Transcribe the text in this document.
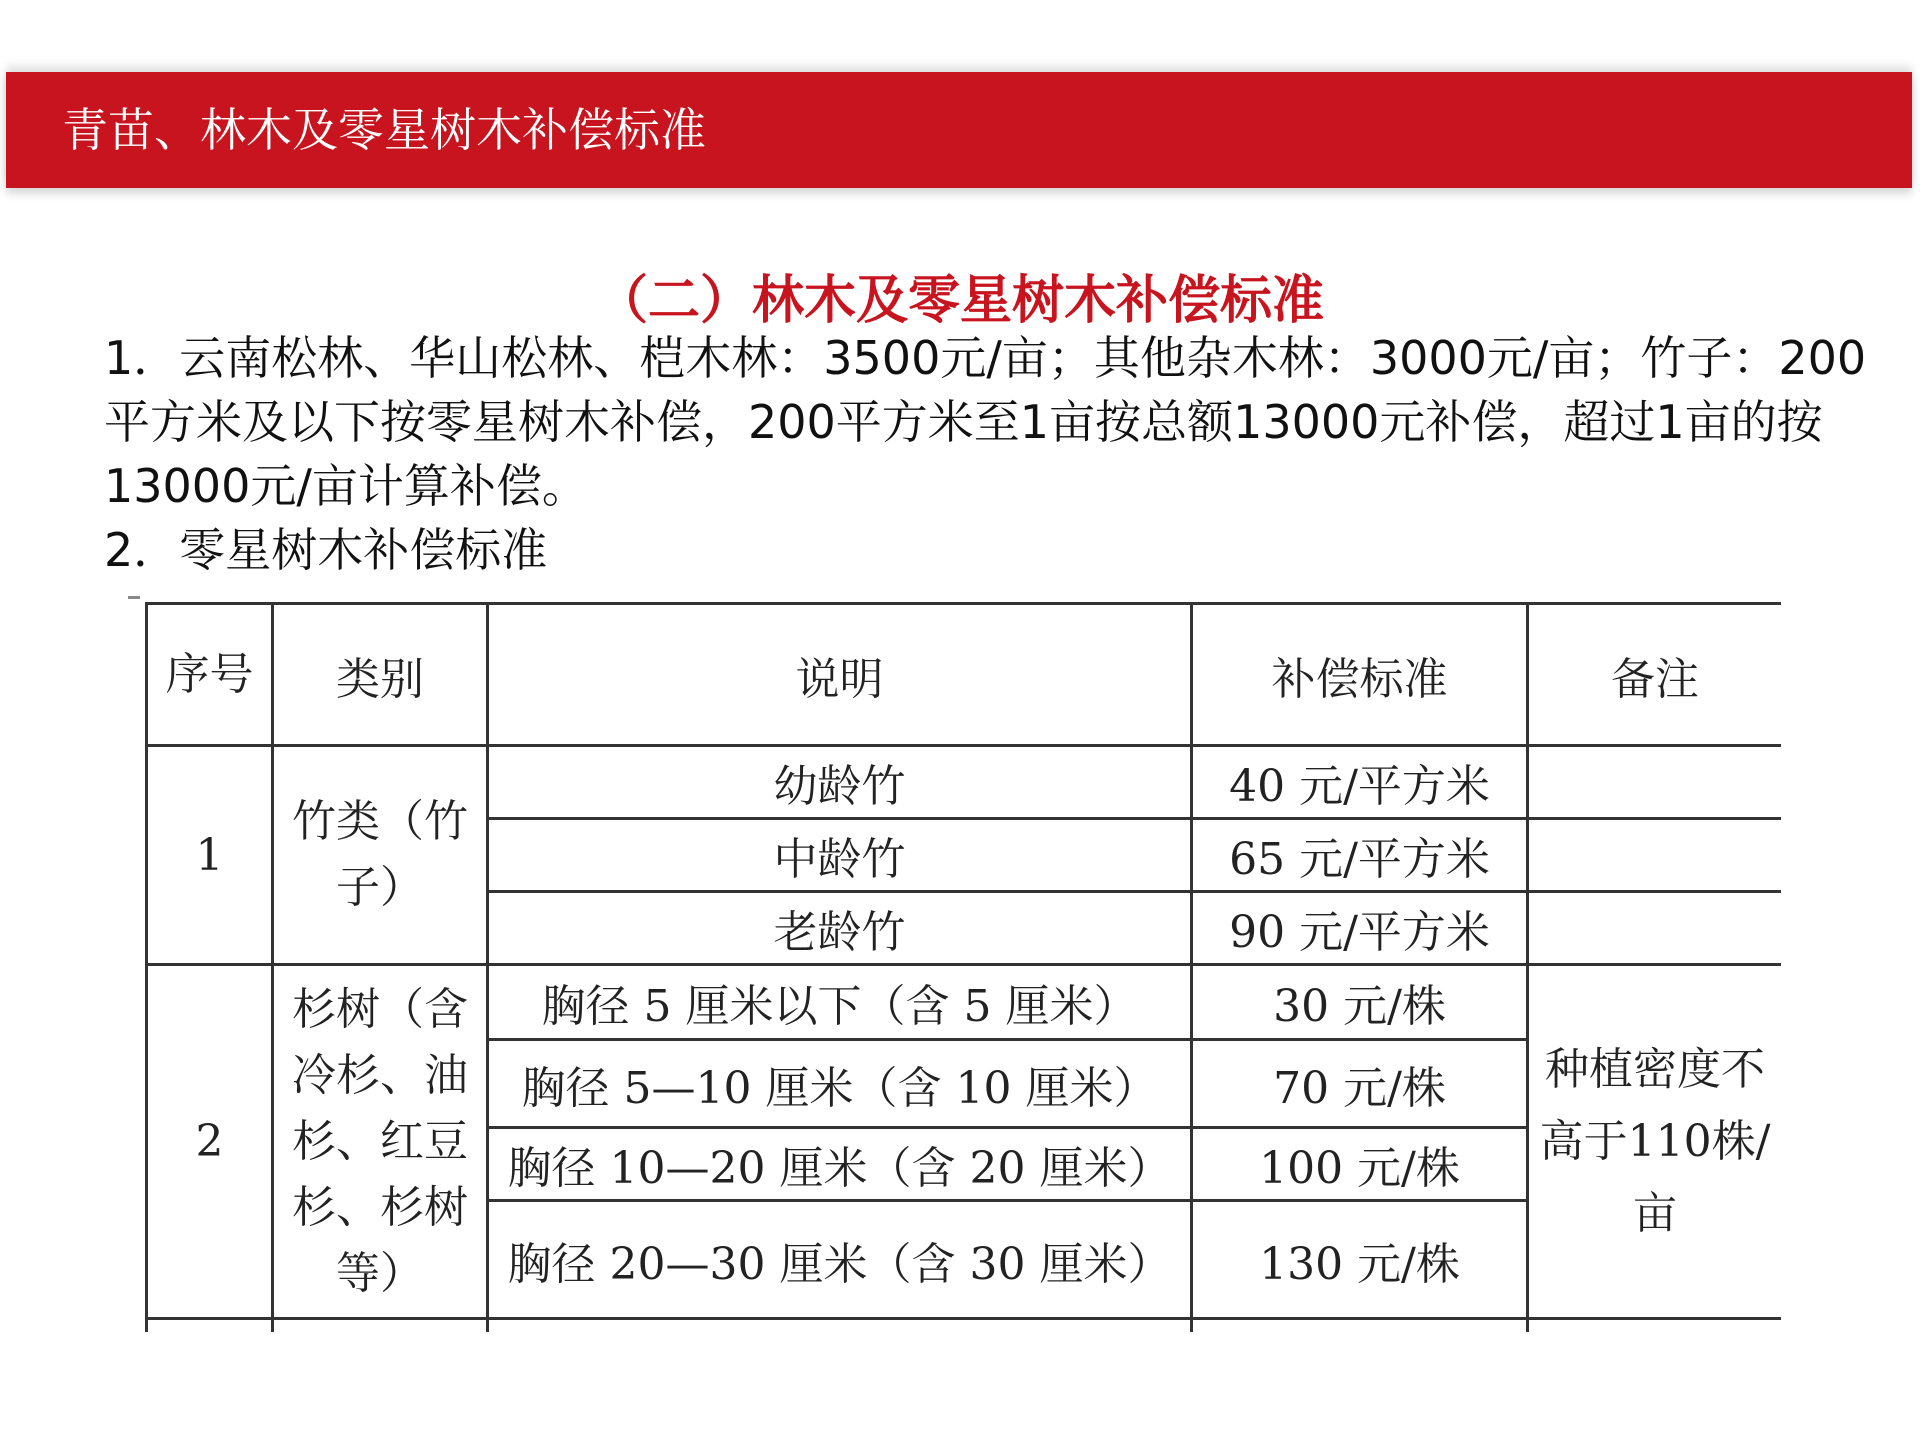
青苗、林木及零星树木补偿标准
（二）林木及零星树木补偿标准

1．云南松林、华山松林、桤木林：3500元/亩；其他杂木林：3000元/亩；竹子：200平方米及以下按零星树木补偿，200平方米至1亩按总额13000元补偿，超过1亩的按13000元/亩计算补偿。

2．零星树木补偿标准

序号	类别	说明	补偿标准	备注
1	竹类（竹子）	幼龄竹	40 元/平方米	
		中龄竹	65 元/平方米	
		老龄竹	90 元/平方米	
2	杉树（含冷杉、油杉、红豆杉、杉树等）	胸径 5 厘米以下（含 5 厘米）	30 元/株	种植密度不高于110株/亩
		胸径 5—10 厘米（含 10 厘米）	70 元/株	
		胸径 10—20 厘米（含 20 厘米）	100 元/株	
		胸径 20—30 厘米（含 30 厘米）	130 元/株	
